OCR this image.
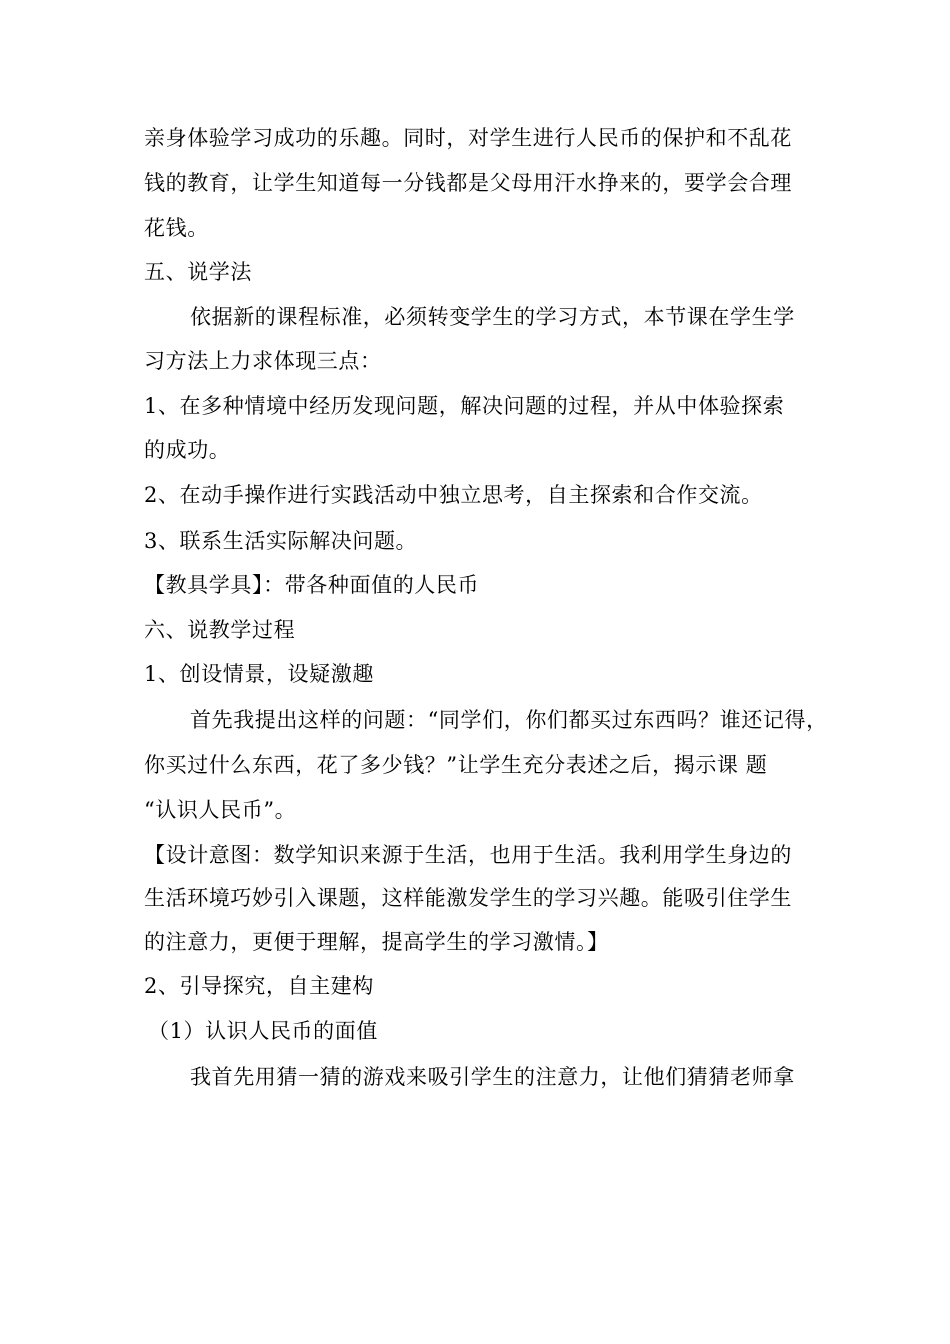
亲身体验学习成功的乐趣。同时，对学生进行人民币的保护和不乱花
钱的教育，让学生知道每一分钱都是父母用汗水挣来的，要学会合理
花钱。
五、说学法
依据新的课程标准，必须转变学生的学习方式，本节课在学生学
习方法上力求体现三点：
1、在多种情境中经历发现问题，解决问题的过程，并从中体验探索
的成功。
2、在动手操作进行实践活动中独立思考，自主探索和合作交流。
3、联系生活实际解决问题。
【教具学具】：带各种面值的人民币
六、说教学过程
1、创设情景，设疑激趣
首先我提出这样的问题：“同学们，你们都买过东西吗？谁还记得，
你买过什么东西，花了多少钱？”让学生充分表述之后，揭示课 题
“认识人民币”。
【设计意图：数学知识来源于生活，也用于生活。我利用学生身边的
生活环境巧妙引入课题，这样能激发学生的学习兴趣。能吸引住学生
的注意力，更便于理解，提高学生的学习激情。】
2、引导探究，自主建构
（1）认识人民币的面值
我首先用猜一猜的游戏来吸引学生的注意力，让他们猜猜老师拿
